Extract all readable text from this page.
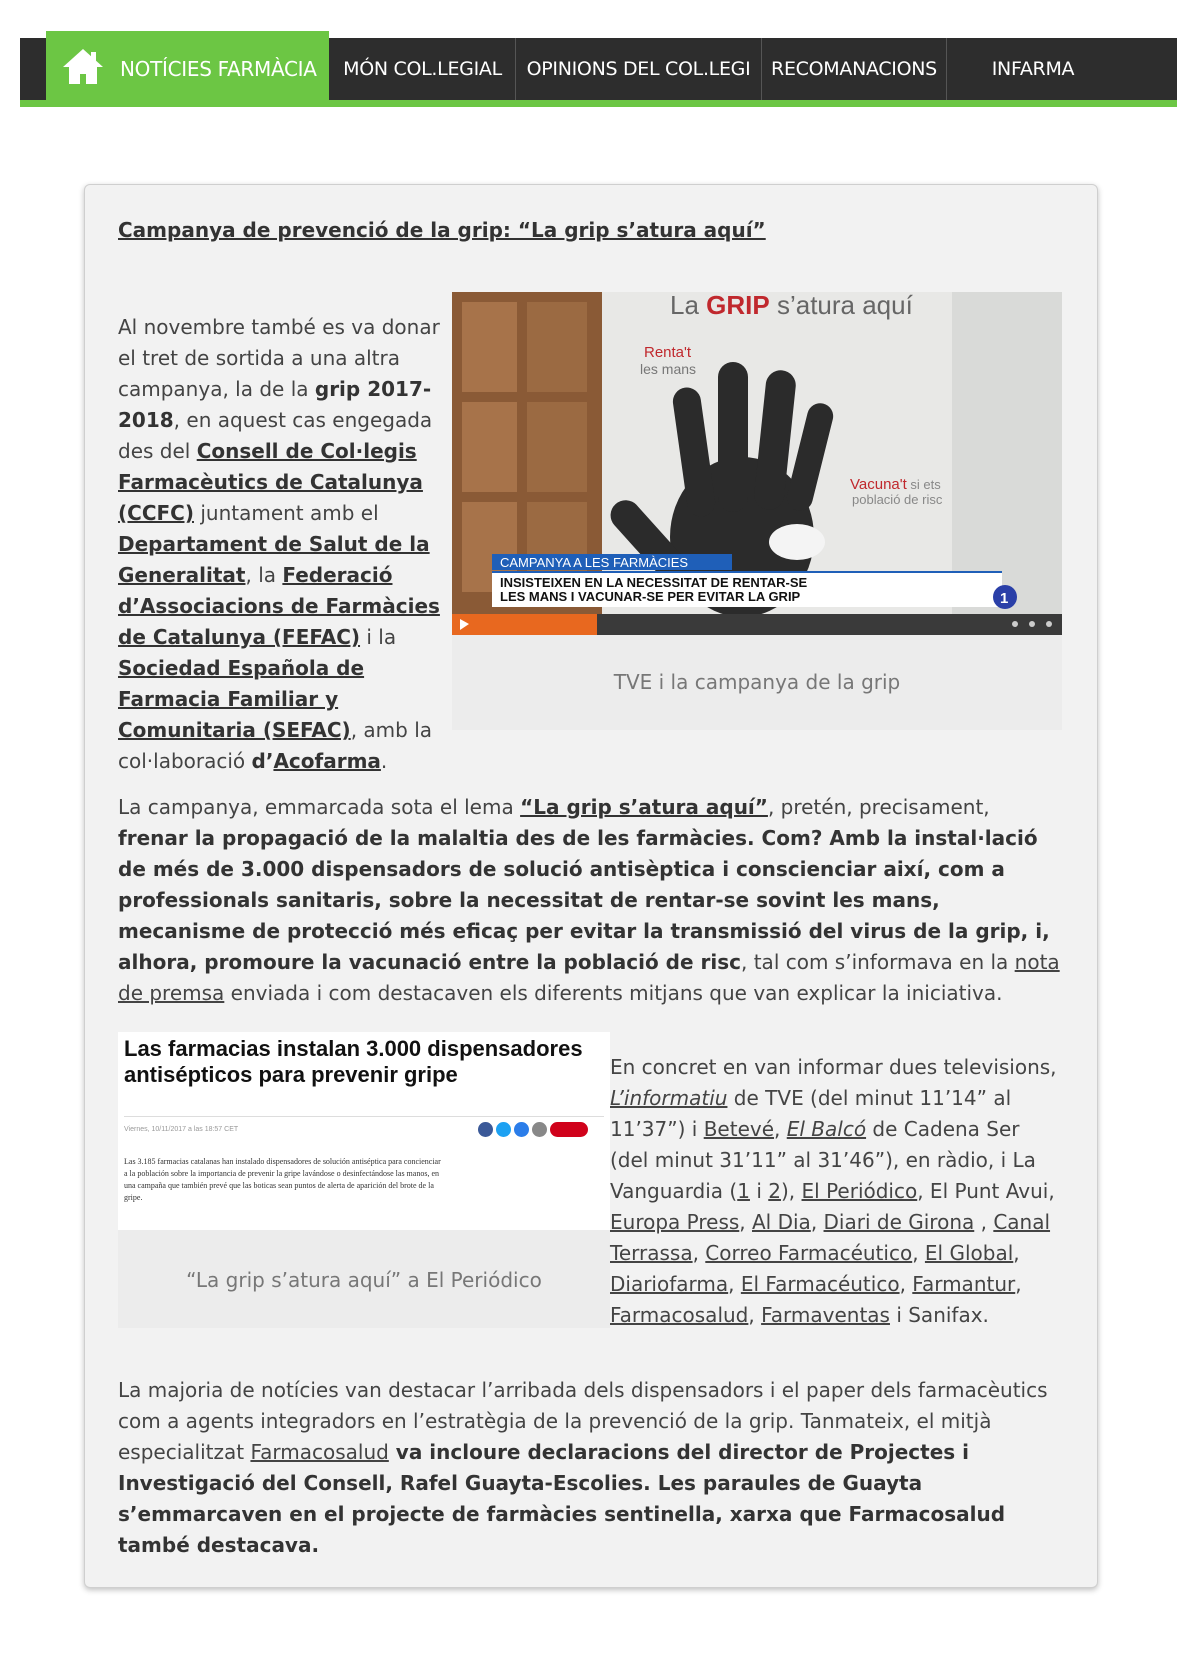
NOTÍCIES FARMÀCIA	MÓN COL.LEGIAL	OPINIONS DEL COL.LEGI	RECOMANACIONS	INFARMA
Campanya de prevenció de la grip: “La grip s’atura aquí”
Al novembre també es va donar el tret de sortida a una altra campanya, la de la grip 2017-2018, en aquest cas engegada des del Consell de Col·legis Farmacèutics de Catalunya (CCFC) juntament amb el Departament de Salut de la Generalitat, la Federació d’Associacions de Farmàcies de Catalunya (FEFAC) i la Sociedad Española de Farmacia Familiar y Comunitaria (SEFAC), amb la col·laboració d’Acofarma.
La GRIP s’atura aquí
Renta't
les mans
Vacuna't si ets
població de risc
CAMPANYA A LES FARMÀCIES
INSISTEIXEN EN LA NECESSITAT DE RENTAR-SE
LES MANS I VACUNAR-SE PER EVITAR LA GRIP	1
TVE i la campanya de la grip
La campanya, emmarcada sota el lema “La grip s’atura aquí”, pretén, precisament, frenar la propagació de la malaltia des de les farmàcies. Com? Amb la instal·lació de més de 3.000 dispensadors de solució antisèptica i conscienciar així, com a professionals sanitaris, sobre la necessitat de rentar-se sovint les mans, mecanisme de protecció més eficaç per evitar la transmissió del virus de la grip, i, alhora, promoure la vacunació entre la població de risc, tal com s’informava en la nota de premsa enviada i com destacaven els diferents mitjans que van explicar la iniciativa.
Las farmacias instalan 3.000 dispensadores antisépticos para prevenir gripe
Viernes, 10/11/2017 a las 18:57 CET
Las 3.185 farmacias catalanas han instalado dispensadores de solución antiséptica para concienciar a la población sobre la importancia de prevenir la gripe lavándose o desinfectándose las manos, en una campaña que también prevé que las boticas sean puntos de alerta de aparición del brote de la gripe.
“La grip s’atura aquí” a El Periódico
En concret en van informar dues televisions, L’informatiu de TVE (del minut 11’14” al 11’37”) i Betevé, El Balcó de Cadena Ser (del minut 31’11” al 31’46”), en ràdio, i La Vanguardia (1 i 2), El Periódico, El Punt Avui, Europa Press, Al Dia, Diari de Girona , Canal Terrassa, Correo Farmacéutico, El Global, Diariofarma, El Farmacéutico, Farmantur, Farmacosalud, Farmaventas i Sanifax.
La majoria de notícies van destacar l’arribada dels dispensadors i el paper dels farmacèutics com a agents integradors en l’estratègia de la prevenció de la grip. Tanmateix, el mitjà especialitzat Farmacosalud va incloure declaracions del director de Projectes i Investigació del Consell, Rafel Guayta-Escolies. Les paraules de Guayta s’emmarcaven en el projecte de farmàcies sentinella, xarxa que Farmacosalud també destacava.
